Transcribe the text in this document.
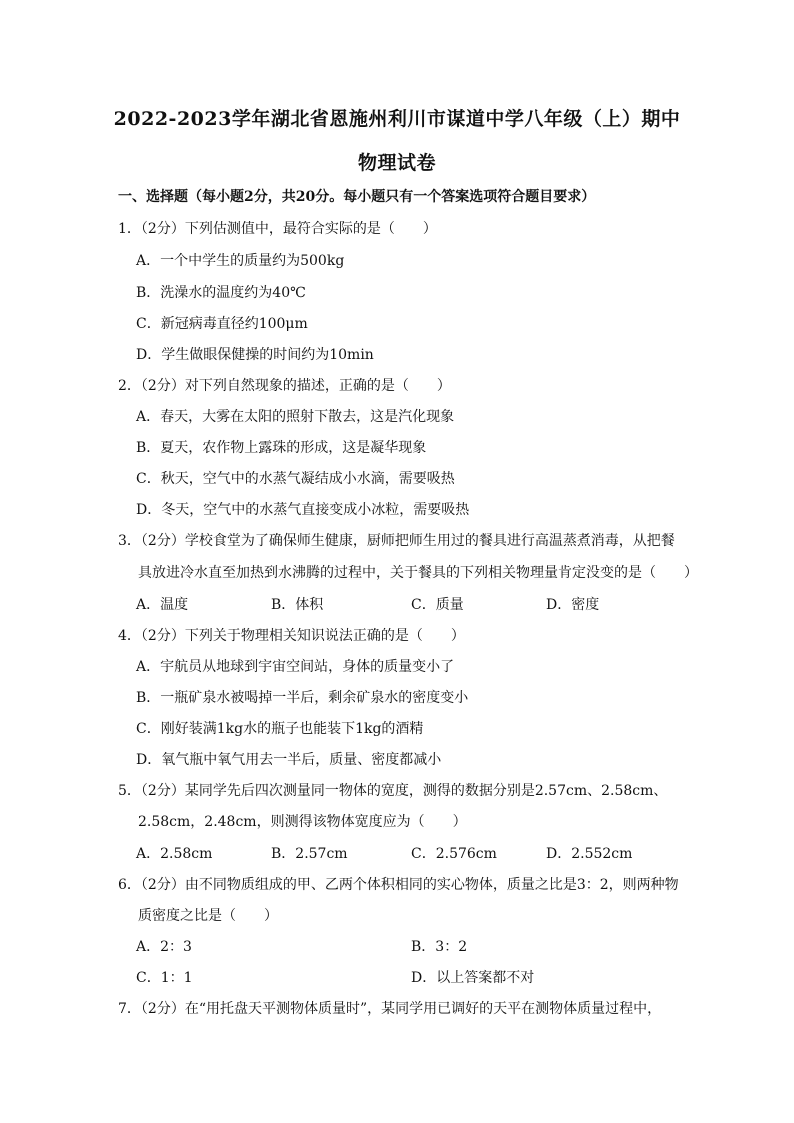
2022-2023学年湖北省恩施州利川市谋道中学八年级（上）期中
物理试卷
一、选择题（每小题2分，共20分。每小题只有一个答案选项符合题目要求）
1．（2分）下列估测值中，最符合实际的是（　　）
A．一个中学生的质量约为500kg
B．洗澡水的温度约为40℃
C．新冠病毒直径约100μm
D．学生做眼保健操的时间约为10min
2．（2分）对下列自然现象的描述，正确的是（　　）
A．春天，大雾在太阳的照射下散去，这是汽化现象
B．夏天，农作物上露珠的形成，这是凝华现象
C．秋天，空气中的水蒸气凝结成小水滴，需要吸热
D．冬天，空气中的水蒸气直接变成小冰粒，需要吸热
3．（2分）学校食堂为了确保师生健康，厨师把师生用过的餐具进行高温蒸煮消毒，从把餐
具放进冷水直至加热到水沸腾的过程中，关于餐具的下列相关物理量肯定没变的是（　　）
A．温度	B．体积	C．质量	D．密度
4．（2分）下列关于物理相关知识说法正确的是（　　）
A．宇航员从地球到宇宙空间站，身体的质量变小了
B．一瓶矿泉水被喝掉一半后，剩余矿泉水的密度变小
C．刚好装满1kg水的瓶子也能装下1kg的酒精
D．氧气瓶中氧气用去一半后，质量、密度都减小
5．（2分）某同学先后四次测量同一物体的宽度，测得的数据分别是2.57cm、2.58cm、
2.58cm，2.48cm，则测得该物体宽度应为（　　）
A．2.58cm	B．2.57cm	C．2.576cm	D．2.552cm
6．（2分）由不同物质组成的甲、乙两个体积相同的实心物体，质量之比是3：2，则两种物
质密度之比是（　　）
A．2：3	B．3：2
C．1：1	D．以上答案都不对
7．（2分）在“用托盘天平测物体质量时”，某同学用已调好的天平在测物体质量过程中，
